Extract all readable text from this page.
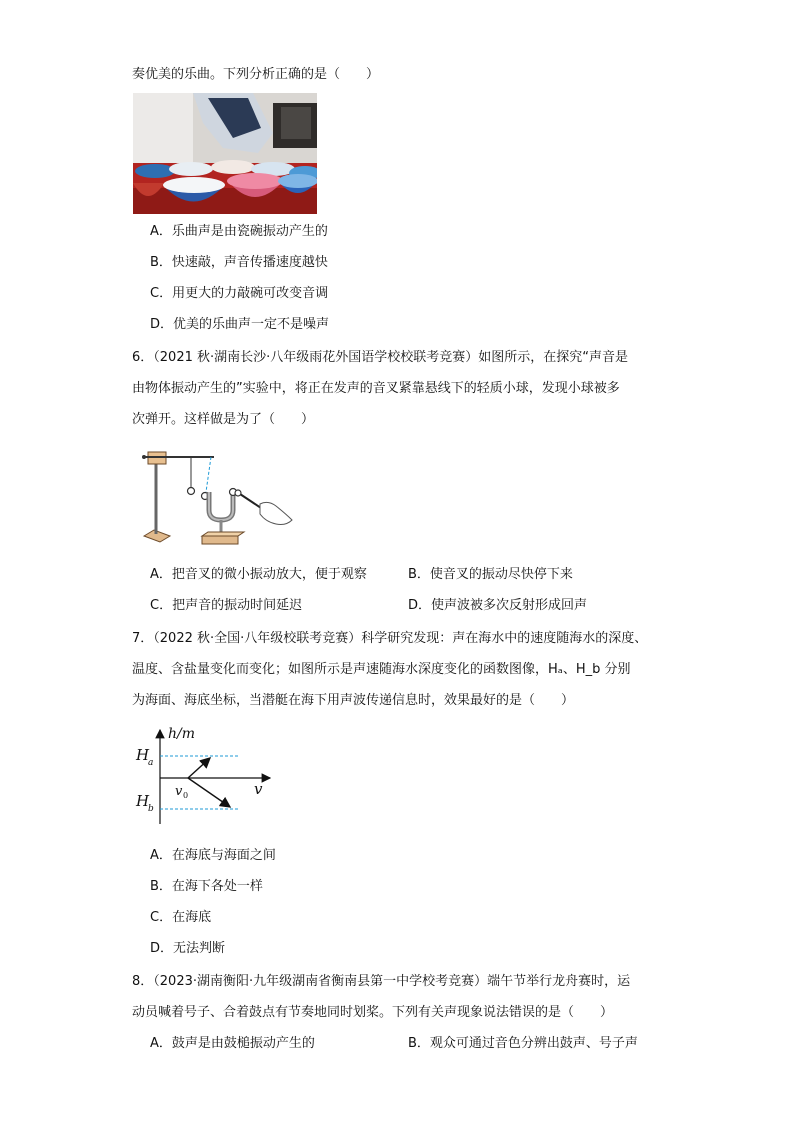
奏优美的乐曲。下列分析正确的是（　　）
A．乐曲声是由瓷碗振动产生的
B．快速敲，声音传播速度越快
C．用更大的力敲碗可改变音调
D．优美的乐曲声一定不是噪声
6．（2021 秋·湖南长沙·八年级雨花外国语学校校联考竞赛）如图所示，在探究“声音是
由物体振动产生的”实验中，将正在发声的音叉紧靠悬线下的轻质小球，发现小球被多
次弹开。这样做是为了（　　）
A．把音叉的微小振动放大，便于观察	B．使音叉的振动尽快停下来
C．把声音的振动时间延迟	D．使声波被多次反射形成回声
7．（2022 秋·全国·八年级校联考竞赛）科学研究发现：声在海水中的速度随海水的深度、
温度、含盐量变化而变化；如图所示是声速随海水深度变化的函数图像，Hₐ、H_b 分别
为海面、海底坐标，当潜艇在海下用声波传递信息时，效果最好的是（　　）
h/m
H
a
H
b
v 0	v
A．在海底与海面之间
B．在海下各处一样
C．在海底
D．无法判断
8．（2023·湖南衡阳·九年级湖南省衡南县第一中学校考竞赛）端午节举行龙舟赛时，运
动员喊着号子、合着鼓点有节奏地同时划桨。下列有关声现象说法错误的是（　　）
A．鼓声是由鼓槌振动产生的	B．观众可通过音色分辨出鼓声、号子声
